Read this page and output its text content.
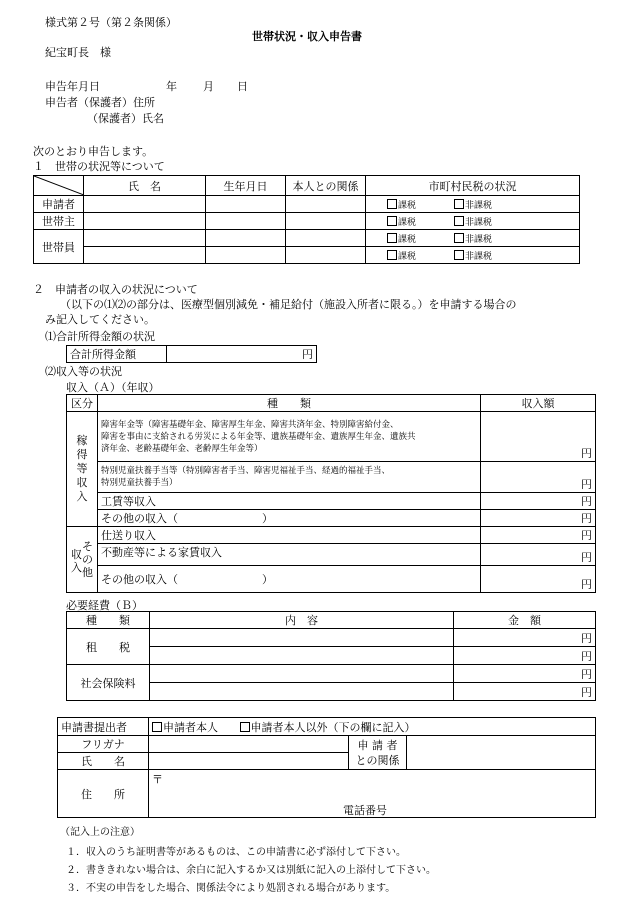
様式第２号（第２条関係）
世帯状況・収入申告書
紀宝町長　様
申告年月日	年 月 日
申告者（保護者）住所
（保護者）氏名
次のとおり申告します。
１　世帯の状況等について
	氏　名	生年月日	本人との関係	市町村民税の状況
申請者				課税 非課税
世帯主				課税 非課税
世帯員				課税 非課税
				課税 非課税
２　申請者の収入の状況について
（以下の⑴⑵の部分は、医療型個別減免・補足給付（施設入所者に限る。）を申請する場合の
み記入してください。
⑴合計所得金額の状況
合計所得金額	円
⑵収入等の状況
収入（Ａ）（年収）
区分	種　　類	収入額

稼得等収入	障害年金等（障害基礎年金、障害厚生年金、障害共済年金、特別障害給付金、
障害を事由に支給される労災による年金等、遺族基礎年金、遺族厚生年金、遺族共
済年金、老齢基礎年金、老齢厚生年金等）	円

	特別児童扶養手当等（特別障害者手当、障害児福祉手当、経過的福祉手当、
特別児童扶養手当）	円
	工賃等収入	円
	その他の収入（ ）	円

収入
その他	仕送り収入	円
	不動産等による家賃収入	円
	その他の収入（ ）	円
必要経費（Ｂ）
種　　類	内　容	金　額
租　　税		円
		円
社会保険料		円
		円
申請書提出者	申請者本人 申請者本人以外（下の欄に記入）		
フリガナ		申 請 者
との関係	

氏　　名			
住　　所	〒
電話番号		
（記入上の注意）
１．収入のうち証明書等があるものは、この申請書に必ず添付して下さい。
２．書ききれない場合は、余白に記入するか又は別紙に記入の上添付して下さい。
３．不実の申告をした場合、関係法令により処罰される場合があります。
